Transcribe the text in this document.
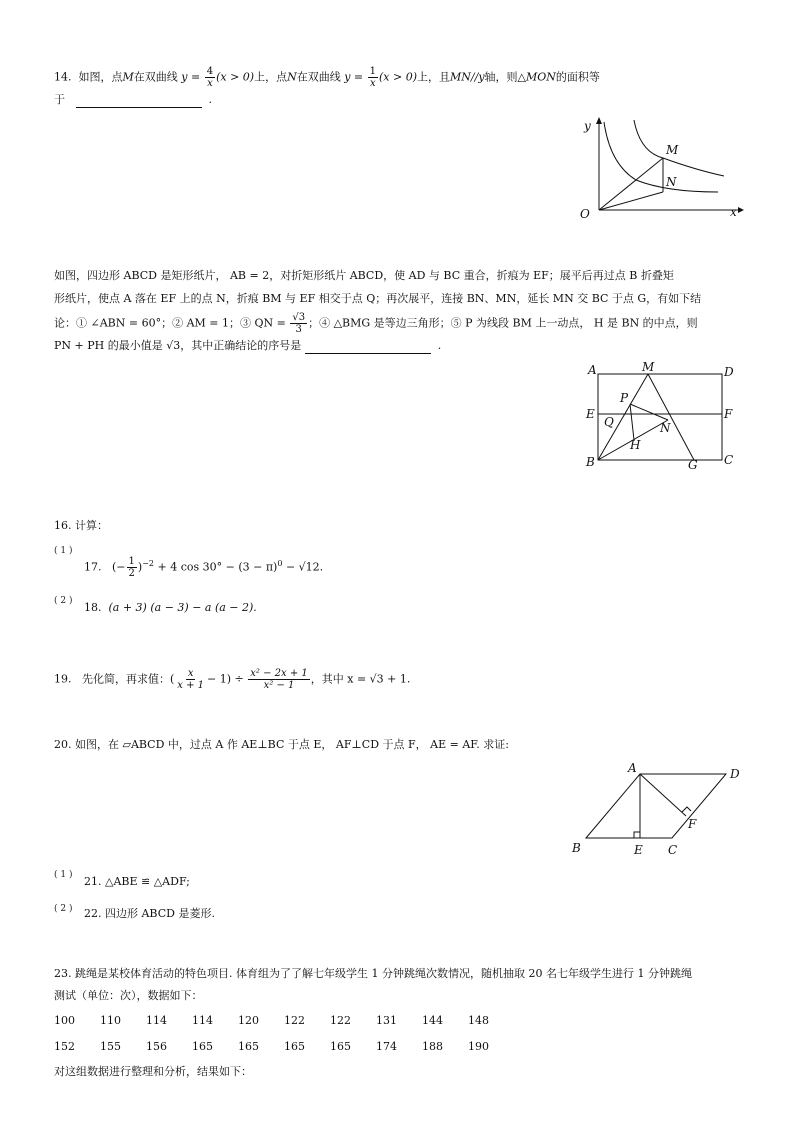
14. 如图，点M在双曲线 $y = \frac{4}{x} (x > 0)$上，点N在双曲线 $y = \frac{1}{x} (x > 0)$上，且MN//y轴，则△MON的面积等
于	.
y
x
O
M
N
如图，四边形 ABCD 是矩形纸片， AB = 2，对折矩形纸片 ABCD，使 AD 与 BC 重合，折痕为 EF；展平后再过点 B 折叠矩
形纸片，使点 A 落在 EF 上的点 N，折痕 BM 与 EF 相交于点 Q；再次展平，连接 BN、MN，延长 MN 交 BC 于点 G，有如下结
论：① ∠ABN = 60°；② AM = 1；③ QN = $\frac{√3}{3}$ ；④ △BMG 是等边三角形；⑤ P 为线段 BM 上一动点， H 是 BN 的中点，则
PN + PH 的最小值是 √3，其中正确结论的序号是	.
A	M	D
E
P
F
Q	N
H
B	G C
16. 计算：
( 1 )
17. (− $\frac{1}{2} )^{-2} + 4$ $\cos 30^\circ - (3 - \pi)^0 - √12$.
( 2 ) 18. (a + 3) (a − 3) − a (a − 2).
19. 先化简，再求值：( $\frac{x}{x + 1} - 1) \div \frac{\text{x² − 2x + 1}}{\text{x² − 1}}$ ，其中 x = √3 + 1.
20. 如图，在 ▱ABCD 中，过点 A 作 AE⊥BC 于点 E， AF⊥CD 于点 F， AE = AF. 求证:
A	D
F
B	E C
( 1 ) 21. △ABE ≌ △ADF;
( 2 ) 22. 四边形 ABCD 是菱形.
23. 跳绳是某校体育活动的特色项目. 体育组为了了解七年级学生 1 分钟跳绳次数情况，随机抽取 20 名七年级学生进行 1 分钟跳绳
测试（单位：次），数据如下：
100 110 114 114 120 122 122 131 144 148
152 155 156 165 165 165 165 174 188 190
对这组数据进行整理和分析，结果如下：
